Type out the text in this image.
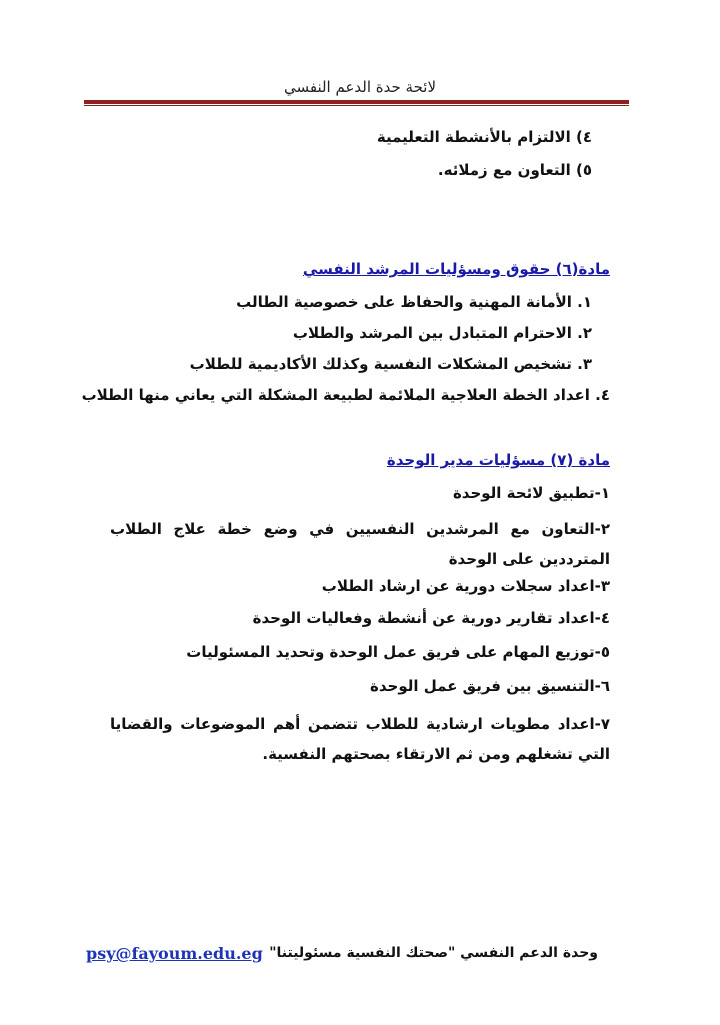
لائحة حدة الدعم النفسي
٤) الالتزام بالأنشطة التعليمية
٥) التعاون مع زملائه.
مادة(٦) حقوق ومسؤليات المرشد النفسي
١. الأمانة المهنية والحفاظ على خصوصية الطالب
٢. الاحترام المتبادل بين المرشد والطلاب
٣. تشخيص المشكلات النفسية وكذلك الأكاديمية للطلاب
٤. اعداد الخطة العلاجية الملائمة لطبيعة المشكلة التي يعاني منها الطلاب
مادة (٧) مسؤليات مدير الوحدة
١-تطبيق لائحة الوحدة
٢-التعاون مع المرشدين النفسيين في وضع خطة علاج الطلاب المترددين على الوحدة
٣-اعداد سجلات دورية عن ارشاد الطلاب
٤-اعداد تقارير دورية عن أنشطة وفعاليات الوحدة
٥-توزيع المهام على فريق عمل الوحدة وتحديد المسئوليات
٦-التنسيق بين فريق عمل الوحدة
٧-اعداد مطويات ارشادية للطلاب تتضمن أهم الموضوعات والقضايا التي تشغلهم ومن ثم الارتقاء بصحتهم النفسية.
psy@fayoum.edu.eg وحدة الدعم النفسي "صحتك النفسية مسئوليتنا"
